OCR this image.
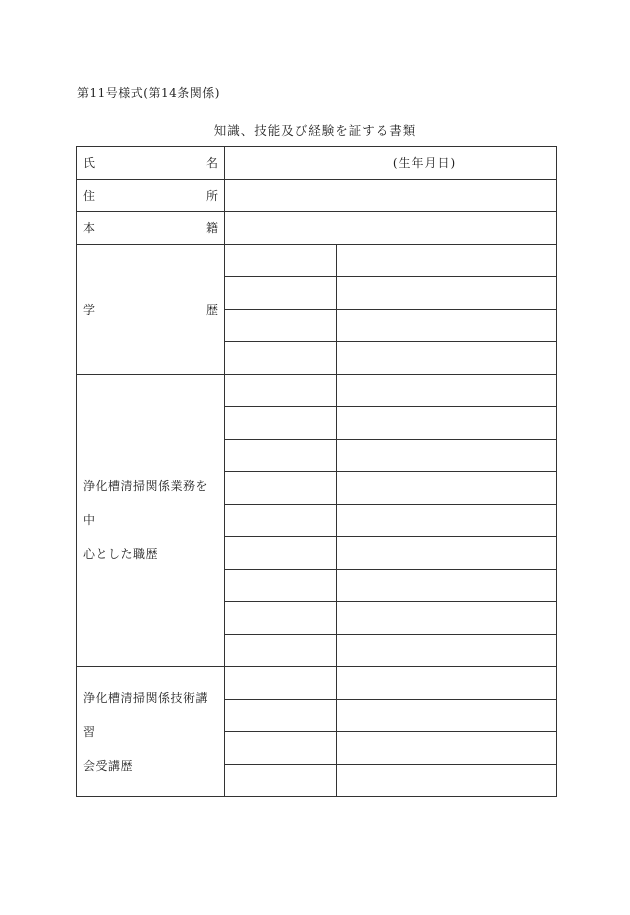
第11号様式(第14条関係)
知識、技能及び経験を証する書類
氏 名	(生年月日)	

住 所		

本 籍		

学 歴		

浄化槽清掃関係業務を中
心とした職歴		

浄化槽清掃関係技術講習
会受講歴		
